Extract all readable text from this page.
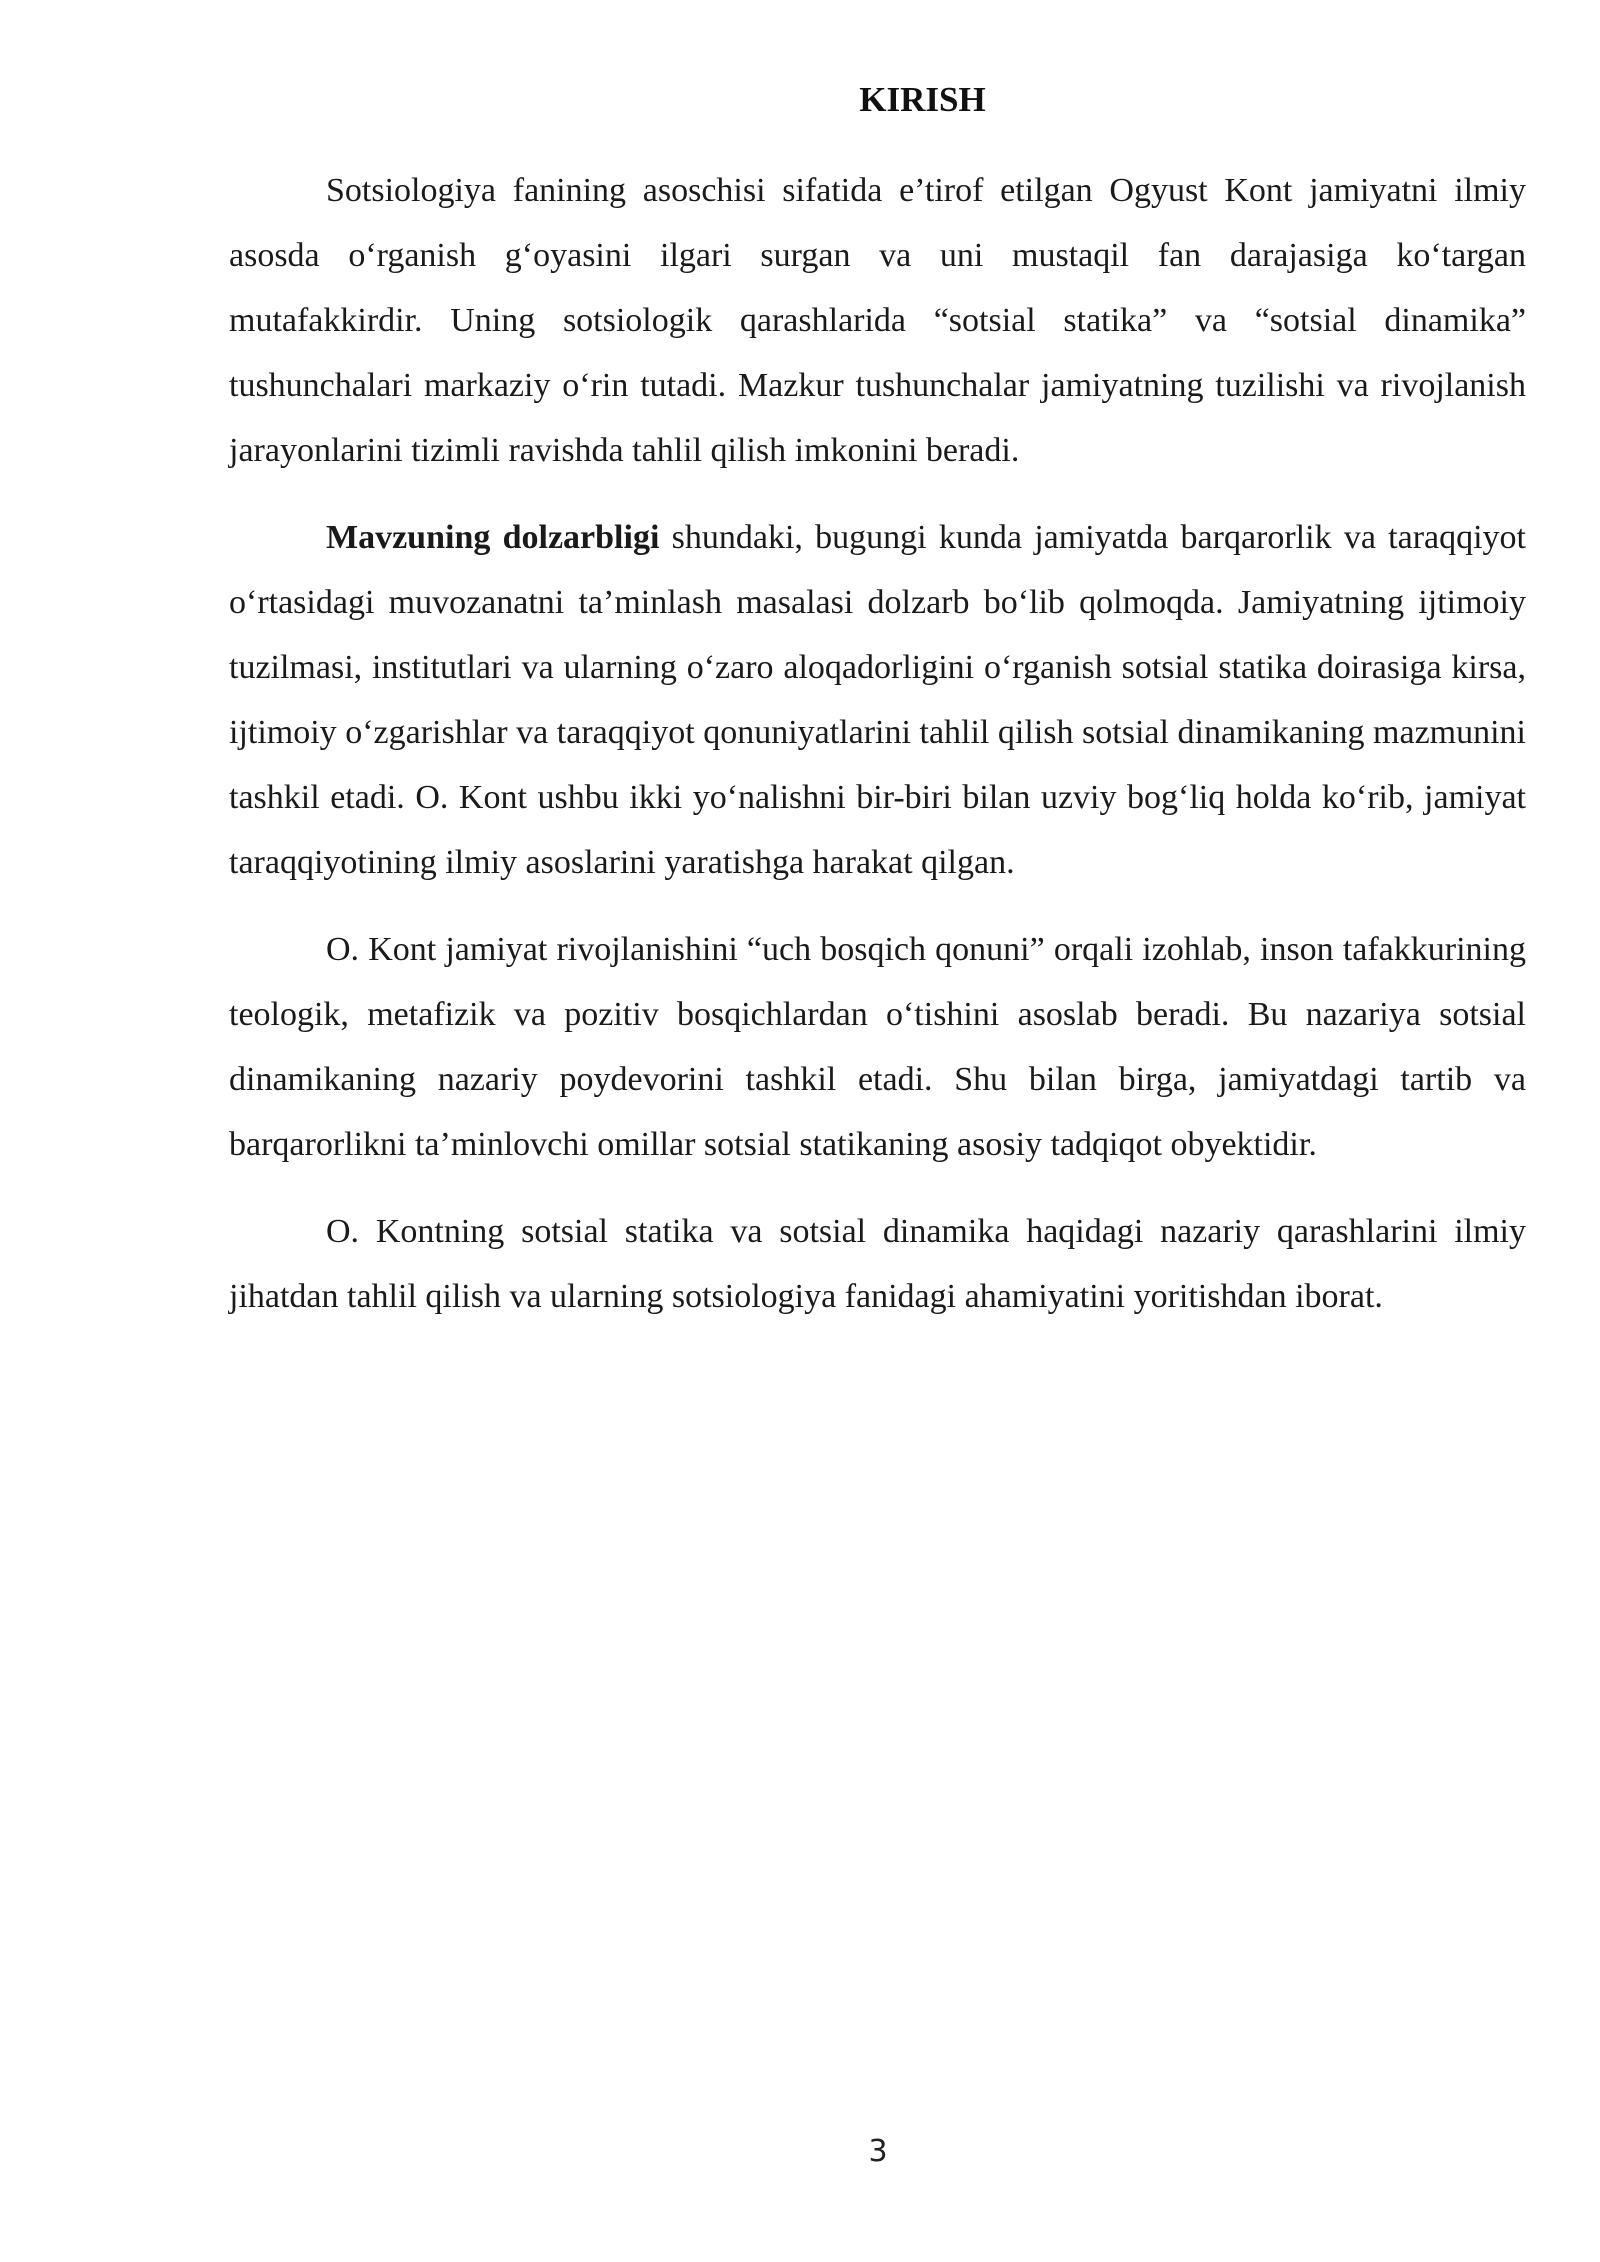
KIRISH

Sotsiologiya fanining asoschisi sifatida e’tirof etilgan Ogyust Kont jamiyatni ilmiy asosda o‘rganish g‘oyasini ilgari surgan va uni mustaqil fan darajasiga ko‘targan mutafakkirdir. Uning sotsiologik qarashlarida “sotsial statika” va “sotsial dinamika” tushunchalari markaziy o‘rin tutadi. Mazkur tushunchalar jamiyatning tuzilishi va rivojlanish jarayonlarini tizimli ravishda tahlil qilish imkonini beradi.

Mavzuning dolzarbligi shundaki, bugungi kunda jamiyatda barqarorlik va taraqqiyot o‘rtasidagi muvozanatni ta’minlash masalasi dolzarb bo‘lib qolmoqda. Jamiyatning ijtimoiy tuzilmasi, institutlari va ularning o‘zaro aloqadorligini o‘rganish sotsial statika doirasiga kirsa, ijtimoiy o‘zgarishlar va taraqqiyot qonuniyatlarini tahlil qilish sotsial dinamikaning mazmunini tashkil etadi. O. Kont ushbu ikki yo‘nalishni bir-biri bilan uzviy bog‘liq holda ko‘rib, jamiyat taraqqiyotining ilmiy asoslarini yaratishga harakat qilgan.

O. Kont jamiyat rivojlanishini “uch bosqich qonuni” orqali izohlab, inson tafakkurining teologik, metafizik va pozitiv bosqichlardan o‘tishini asoslab beradi. Bu nazariya sotsial dinamikaning nazariy poydevorini tashkil etadi. Shu bilan birga, jamiyatdagi tartib va barqarorlikni ta’minlovchi omillar sotsial statikaning asosiy tadqiqot obyektidir.

O. Kontning sotsial statika va sotsial dinamika haqidagi nazariy qarashlarini ilmiy jihatdan tahlil qilish va ularning sotsiologiya fanidagi ahamiyatini yoritishdan iborat.

3
